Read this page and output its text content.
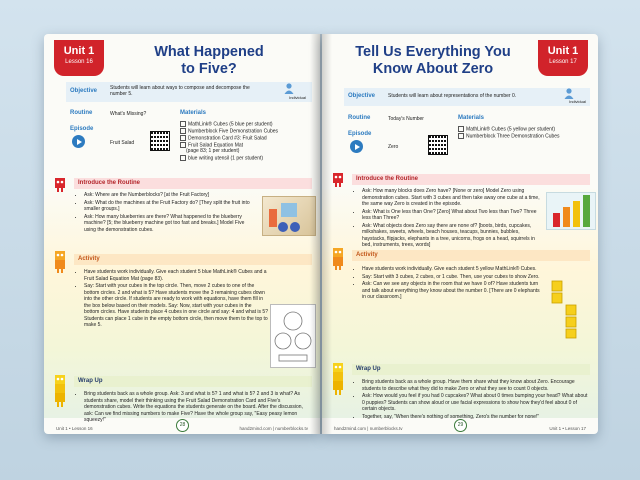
Unit 1
Lesson 16
What Happened
to Five?
Objective	Students will learn about ways to compose and decompose the number 5.
Individual
Routine	What's Missing?
Episode
Fruit Salad
Materials
MathLink® Cubes (5 blue per student)
Numberblock Five Demonstration Cubes
Demonstration Card #3: Fruit Salad
Fruit Salad Equation Mat
(page 83; 1 per student)
blue writing utensil (1 per student)
Introduce the Routine
• Ask: Where are the Numberblocks? [at the Fruit Factory]
• Ask: What do the machines at the Fruit Factory do? [They split the fruit into smaller groups.]
• Ask: How many blueberries are there? What happened to the blueberry machine? [5; the blueberry machine got too fast and breaks.] Model Five using the demonstration cubes.
Activity
• Have students work individually. Give each student 5 blue MathLink® Cubes and a Fruit Salad Equation Mat (page 83).
• Say: Start with your cubes in the top circle. Then, move 2 cubes to one of the bottom circles. 2 and what is 5? Have students move the 3 remaining cubes down into the other circle. If students are ready to work with equations, have them fill in the box below based on their models. Say: Now, start with your cubes in the bottom circles. Have students place 4 cubes in one circle and say: 4 and what is 5? Students can place 1 cube in the empty bottom circle, then move them to the top to make 5.
Wrap Up
• Bring students back as a whole group. Ask: 3 and what is 5? 1 and what is 5? 2 and 3 is what? As students share, model their thinking using the Fruit Salad Demonstration Card and Five's demonstration cubes. Write the equations the students generate on the board. After the discussion, ask: Can we find missing numbers to make Five? Have the whole group say, "Easy peasy lemon squeezy!"
Unit 1 • Lesson 16
28
hand2mind.com | numberblocks.tv
Unit 1
Lesson 17
Tell Us Everything You
Know About Zero
Objective	Students will learn about representations of the number 0.
Individual
Routine	Today's Number
Episode
Zero
Materials
MathLink® Cubes (5 yellow per student)
Numberblock Three Demonstration Cubes
Introduce the Routine
• Ask: How many blocks does Zero have? [None or zero] Model Zero using demonstration cubes. Start with 3 cubes and then take away one cube at a time, the same way Zero is created in the episode.
• Ask: What is One less than One? [Zero] What about Two less than Two? Three less than Three?
• Ask: What objects does Zero say there are none of? [boots, birds, cupcakes, milkshakes, sweets, wheels, beach houses, teacups, bunnies, bubbles, haystacks, flipjacks, elephants in a tree, unicorns, frogs on a head, squirrels in bed, instruments, trees, words]
Activity
• Have students work individually. Give each student 5 yellow MathLink® Cubes.
• Say: Start with 3 cubes, 2 cubes, or 1 cube. Then, use your cubes to show Zero.
• Ask: Can we see any objects in the room that we have 0 of? Have students turn and talk about everything they know about the number 0. [There are 0 elephants in our classroom.]
Wrap Up
• Bring students back as a whole group. Have them share what they know about Zero. Encourage students to describe what they did to make Zero or what they see to count 0 objects.
• Ask: How would you feel if you had 0 cupcakes? What about 0 times bumping your head? What about 0 puppies? Students can show aloud or use facial expressions to show how they'd feel about 0 of certain objects.
• Together, say, "When there's nothing of something, Zero's the number for none!"
hand2mind.com | numberblocks.tv
29
Unit 1 • Lesson 17
